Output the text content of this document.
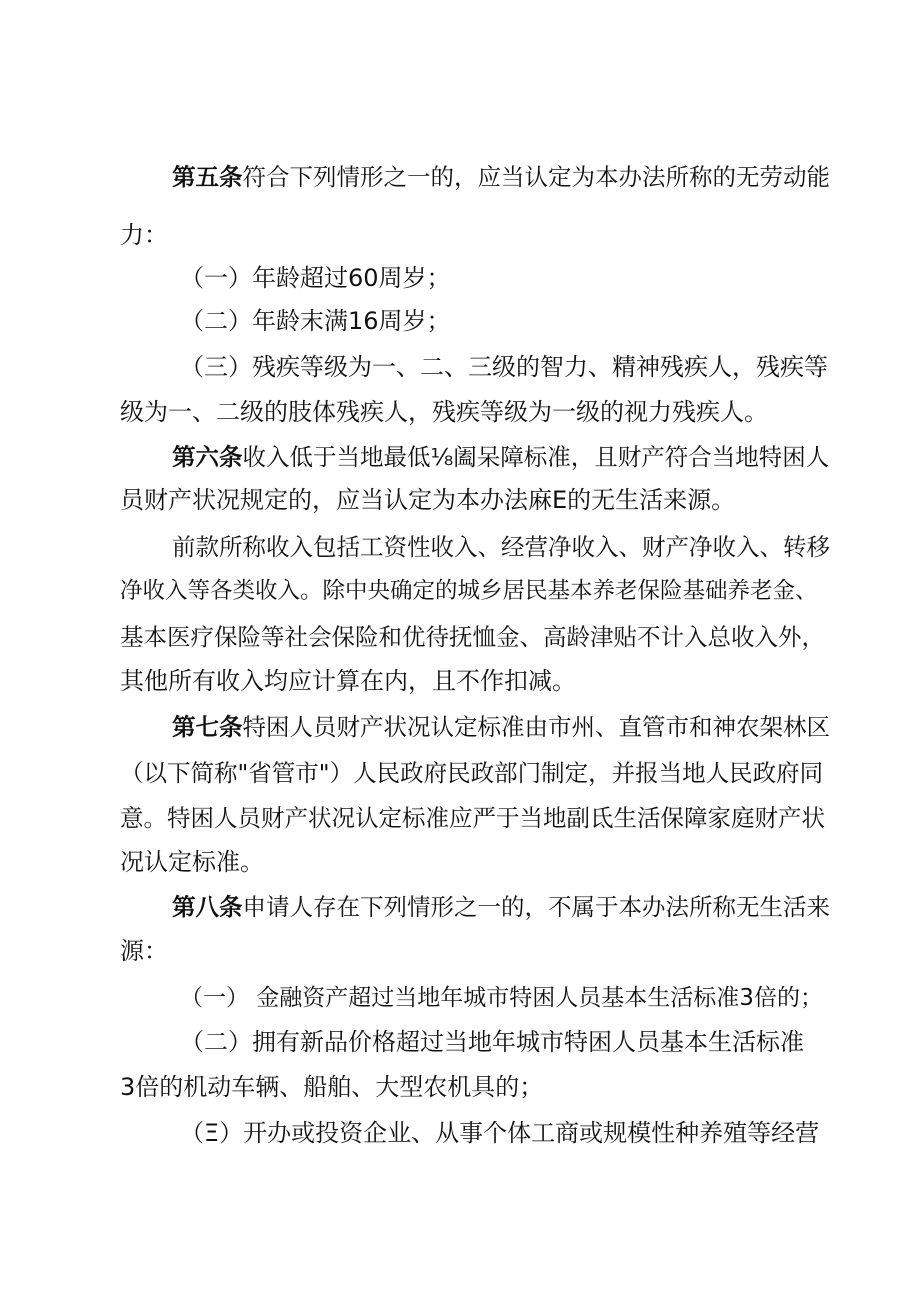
第五条符合下列情形之一的，应当认定为本办法所称的无劳动能
力：
（一）年龄超过60周岁；
（二）年龄末满16周岁；
（三）残疾等级为一、二、三级的智力、精神残疾人，残疾等
级为一、二级的肢体残疾人，残疾等级为一级的视力残疾人。
第六条收入低于当地最低⅛阖呆障标准，且财产符合当地特困人
员财产状况规定的，应当认定为本办法麻E的无生活来源。
前款所称收入包括工资性收入、经营净收入、财产净收入、转移
净收入等各类收入。除中央确定的城乡居民基本养老保险基础养老金、
基本医疗保险等社会保险和优待抚恤金、高龄津贴不计入总收入外，
其他所有收入均应计算在内，且不作扣减。
第七条特困人员财产状况认定标准由市州、直管市和神农架林区
（以下简称"省管市"）人民政府民政部门制定，并报当地人民政府同
意。特困人员财产状况认定标准应严于当地副氐生活保障家庭财产状
况认定标准。
第八条申请人存在下列情形之一的，不属于本办法所称无生活来
源：
（一） 金融资产超过当地年城市特困人员基本生活标准3倍的；
（二）拥有新品价格超过当地年城市特困人员基本生活标准
3倍的机动车辆、船舶、大型农机具的；
（Ξ）开办或投资企业、从事个体工商或规模性种养殖等经营
